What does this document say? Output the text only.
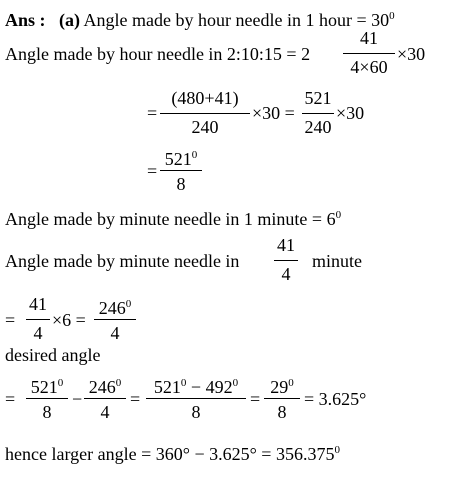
Ans : (a) Angle made by hour needle in 1 hour = $30^0$
Angle made by hour needle in 2:10:15 = 2
41
4×60
×30
=
(480+41)
240
×30 =
521
240
×30
=
$521^0$
8
Angle made by minute needle in 1 minute = $6^0$
Angle made by minute needle in
41
4
minute
=
41
4
×6 =
$246^0$
4
desired angle
=
$521^0$
8
−
$246^0$
4
=
$521^0 - 492^0$
8
=
$29^0$
8
= 3.625°
hence larger angle = $360^\circ - 3.625^\circ = 356.375^0$
